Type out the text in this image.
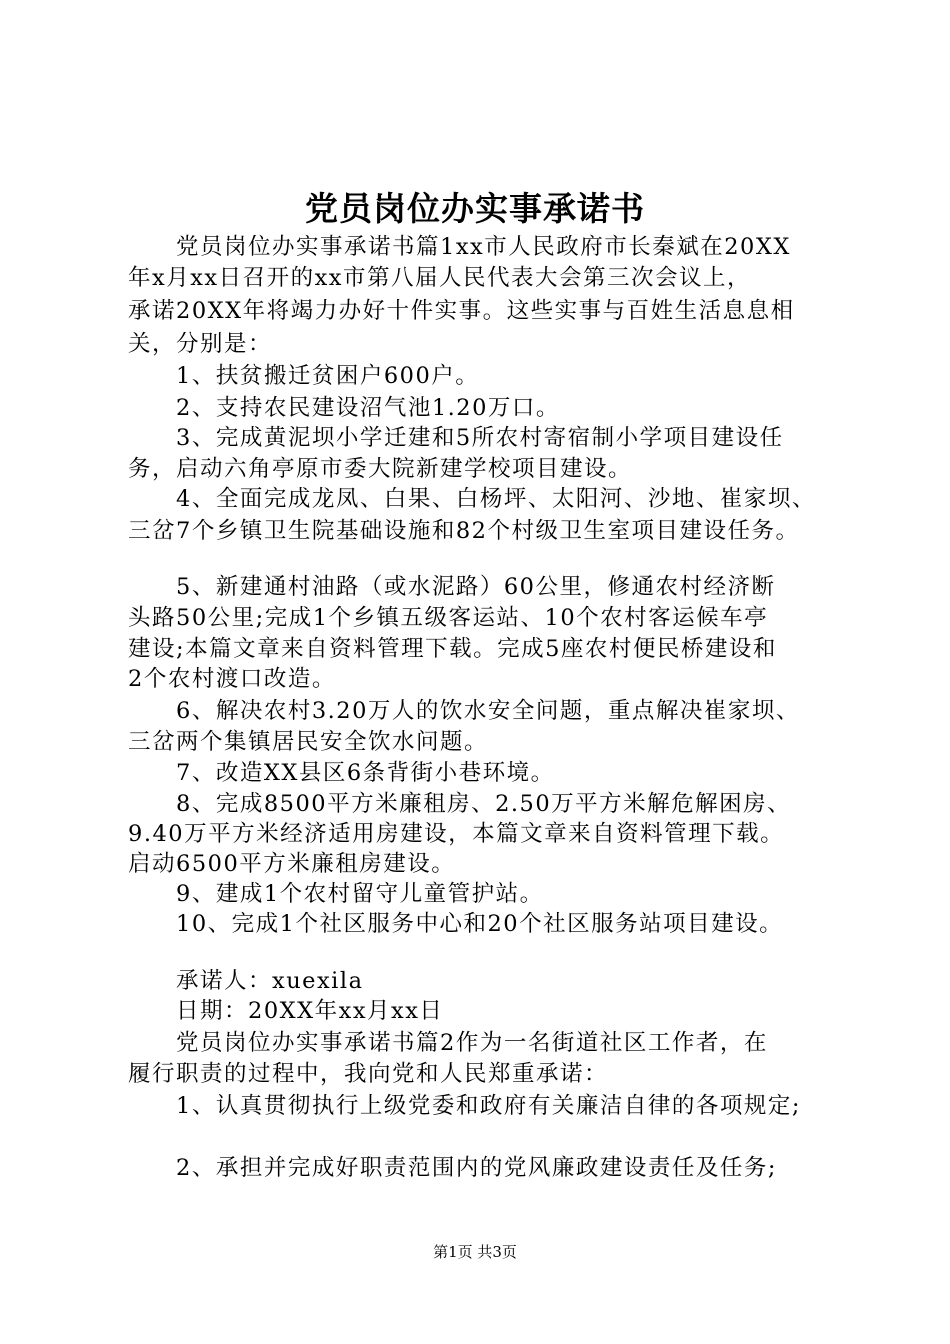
党员岗位办实事承诺书
　　党员岗位办实事承诺书篇1xx市人民政府市长秦斌在20XX
年x月xx日召开的xx市第八届人民代表大会第三次会议上，
承诺20XX年将竭力办好十件实事。这些实事与百姓生活息息相
关，分别是：
　　1、扶贫搬迁贫困户600户。
　　2、支持农民建设沼气池1.20万口。
　　3、完成黄泥坝小学迁建和5所农村寄宿制小学项目建设任
务，启动六角亭原市委大院新建学校项目建设。
　　4、全面完成龙凤、白果、白杨坪、太阳河、沙地、崔家坝、
三岔7个乡镇卫生院基础设施和82个村级卫生室项目建设任务。
　　5、新建通村油路（或水泥路）60公里，修通农村经济断
头路50公里;完成1个乡镇五级客运站、10个农村客运候车亭
建设;本篇文章来自资料管理下载。完成5座农村便民桥建设和
2个农村渡口改造。
　　6、解决农村3.20万人的饮水安全问题，重点解决崔家坝、
三岔两个集镇居民安全饮水问题。
　　7、改造XX县区6条背街小巷环境。
　　8、完成8500平方米廉租房、2.50万平方米解危解困房、
9.40万平方米经济适用房建设，本篇文章来自资料管理下载。
启动6500平方米廉租房建设。
　　9、建成1个农村留守儿童管护站。
　　10、完成1个社区服务中心和20个社区服务站项目建设。
　　承诺人：xuexila
　　日期：20XX年xx月xx日
　　党员岗位办实事承诺书篇2作为一名街道社区工作者，在
履行职责的过程中，我向党和人民郑重承诺：
　　1、认真贯彻执行上级党委和政府有关廉洁自律的各项规定;
　　2、承担并完成好职责范围内的党风廉政建设责任及任务;
第1页 共3页
